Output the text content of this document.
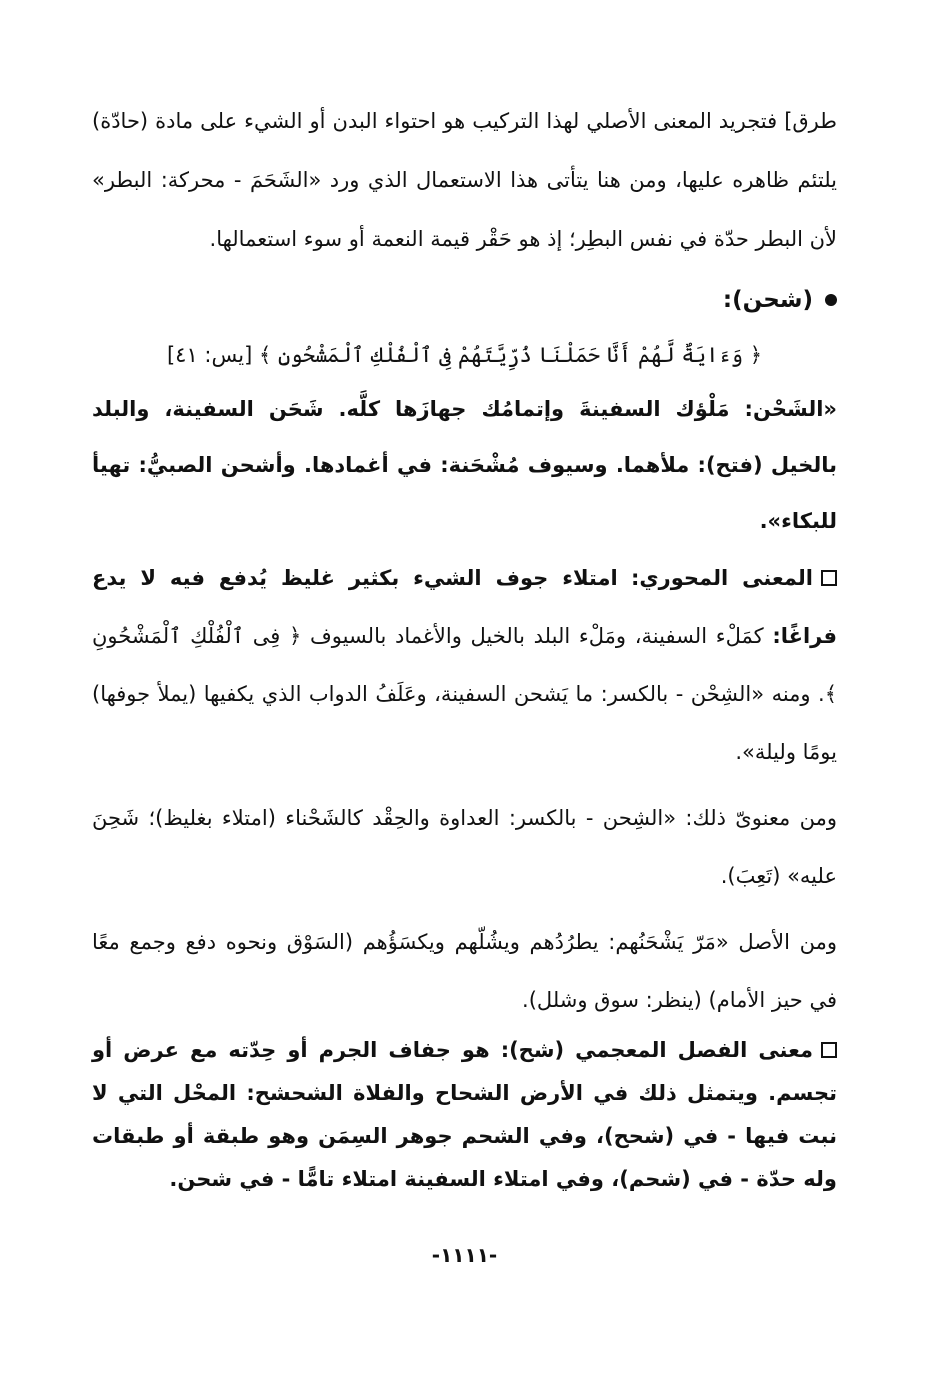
طرق] فتجريد المعنى الأصلي لهذا التركيب هو احتواء البدن أو الشيء على مادة (حادّة) يلتئم ظاهره عليها، ومن هنا يتأتى هذا الاستعمال الذي ورد «الشَحَمَ - محركة: البطر» لأن البطر حدّة في نفس البطِر؛ إذ هو حَقْر قيمة النعمة أو سوء استعمالها.

(شحن):
﴿ وَءَايَةٌ لَّهُمْ أَنَّا حَمَلْنَا ذُرِّيَّتَهُمْ فِى ٱلْفُلْكِ ٱلْمَشْحُونِ ﴾ [يس: ٤١]

«الشَحْن: مَلْؤك السفينةَ وإتمامُك جهازَها كلَّه. شَحَن السفينة، والبلد بالخيل (فتح): ملأهما. وسيوف مُشْحَنة: في أغمادها. وأشحن الصبيُّ: تهيأ للبكاء».

المعنى المحوري: امتلاء جوف الشيء بكثير غليظ يُدفع فيه لا يدع فراغًا: كمَلْء السفينة، ومَلْء البلد بالخيل والأغماد بالسيوف ﴿ فِى ٱلْفُلْكِ ٱلْمَشْحُونِ ﴾. ومنه «الشِحْن - بالكسر: ما يَشحن السفينة، وعَلَفُ الدواب الذي يكفيها (يملأ جوفها) يومًا وليلة».

ومن معنوىّ ذلك: «الشِحن - بالكسر: العداوة والحِقْد كالشَحْناء (امتلاء بغليظ)؛ شَحِنَ عليه» (تَعِبَ).

ومن الأصل «مَرّ يَشْحَنُهم: يطرُدُهم ويشُلّهم ويكسَؤُهم (السَوْق ونحوه دفع وجمع معًا في حيز الأمام) (ينظر: سوق وشلل).

معنى الفصل المعجمي (شح): هو جفاف الجرم أو حِدّته مع عرض أو تجسم. ويتمثل ذلك في الأرض الشحاح والفلاة الشحشح: المحْل التي لا نبت فيها - في (شحح)، وفي الشحم جوهر السِمَن وهو طبقة أو طبقات وله حدّة - في (شحم)، وفي امتلاء السفينة امتلاء تامًّا - في شحن.

-١١١١-
